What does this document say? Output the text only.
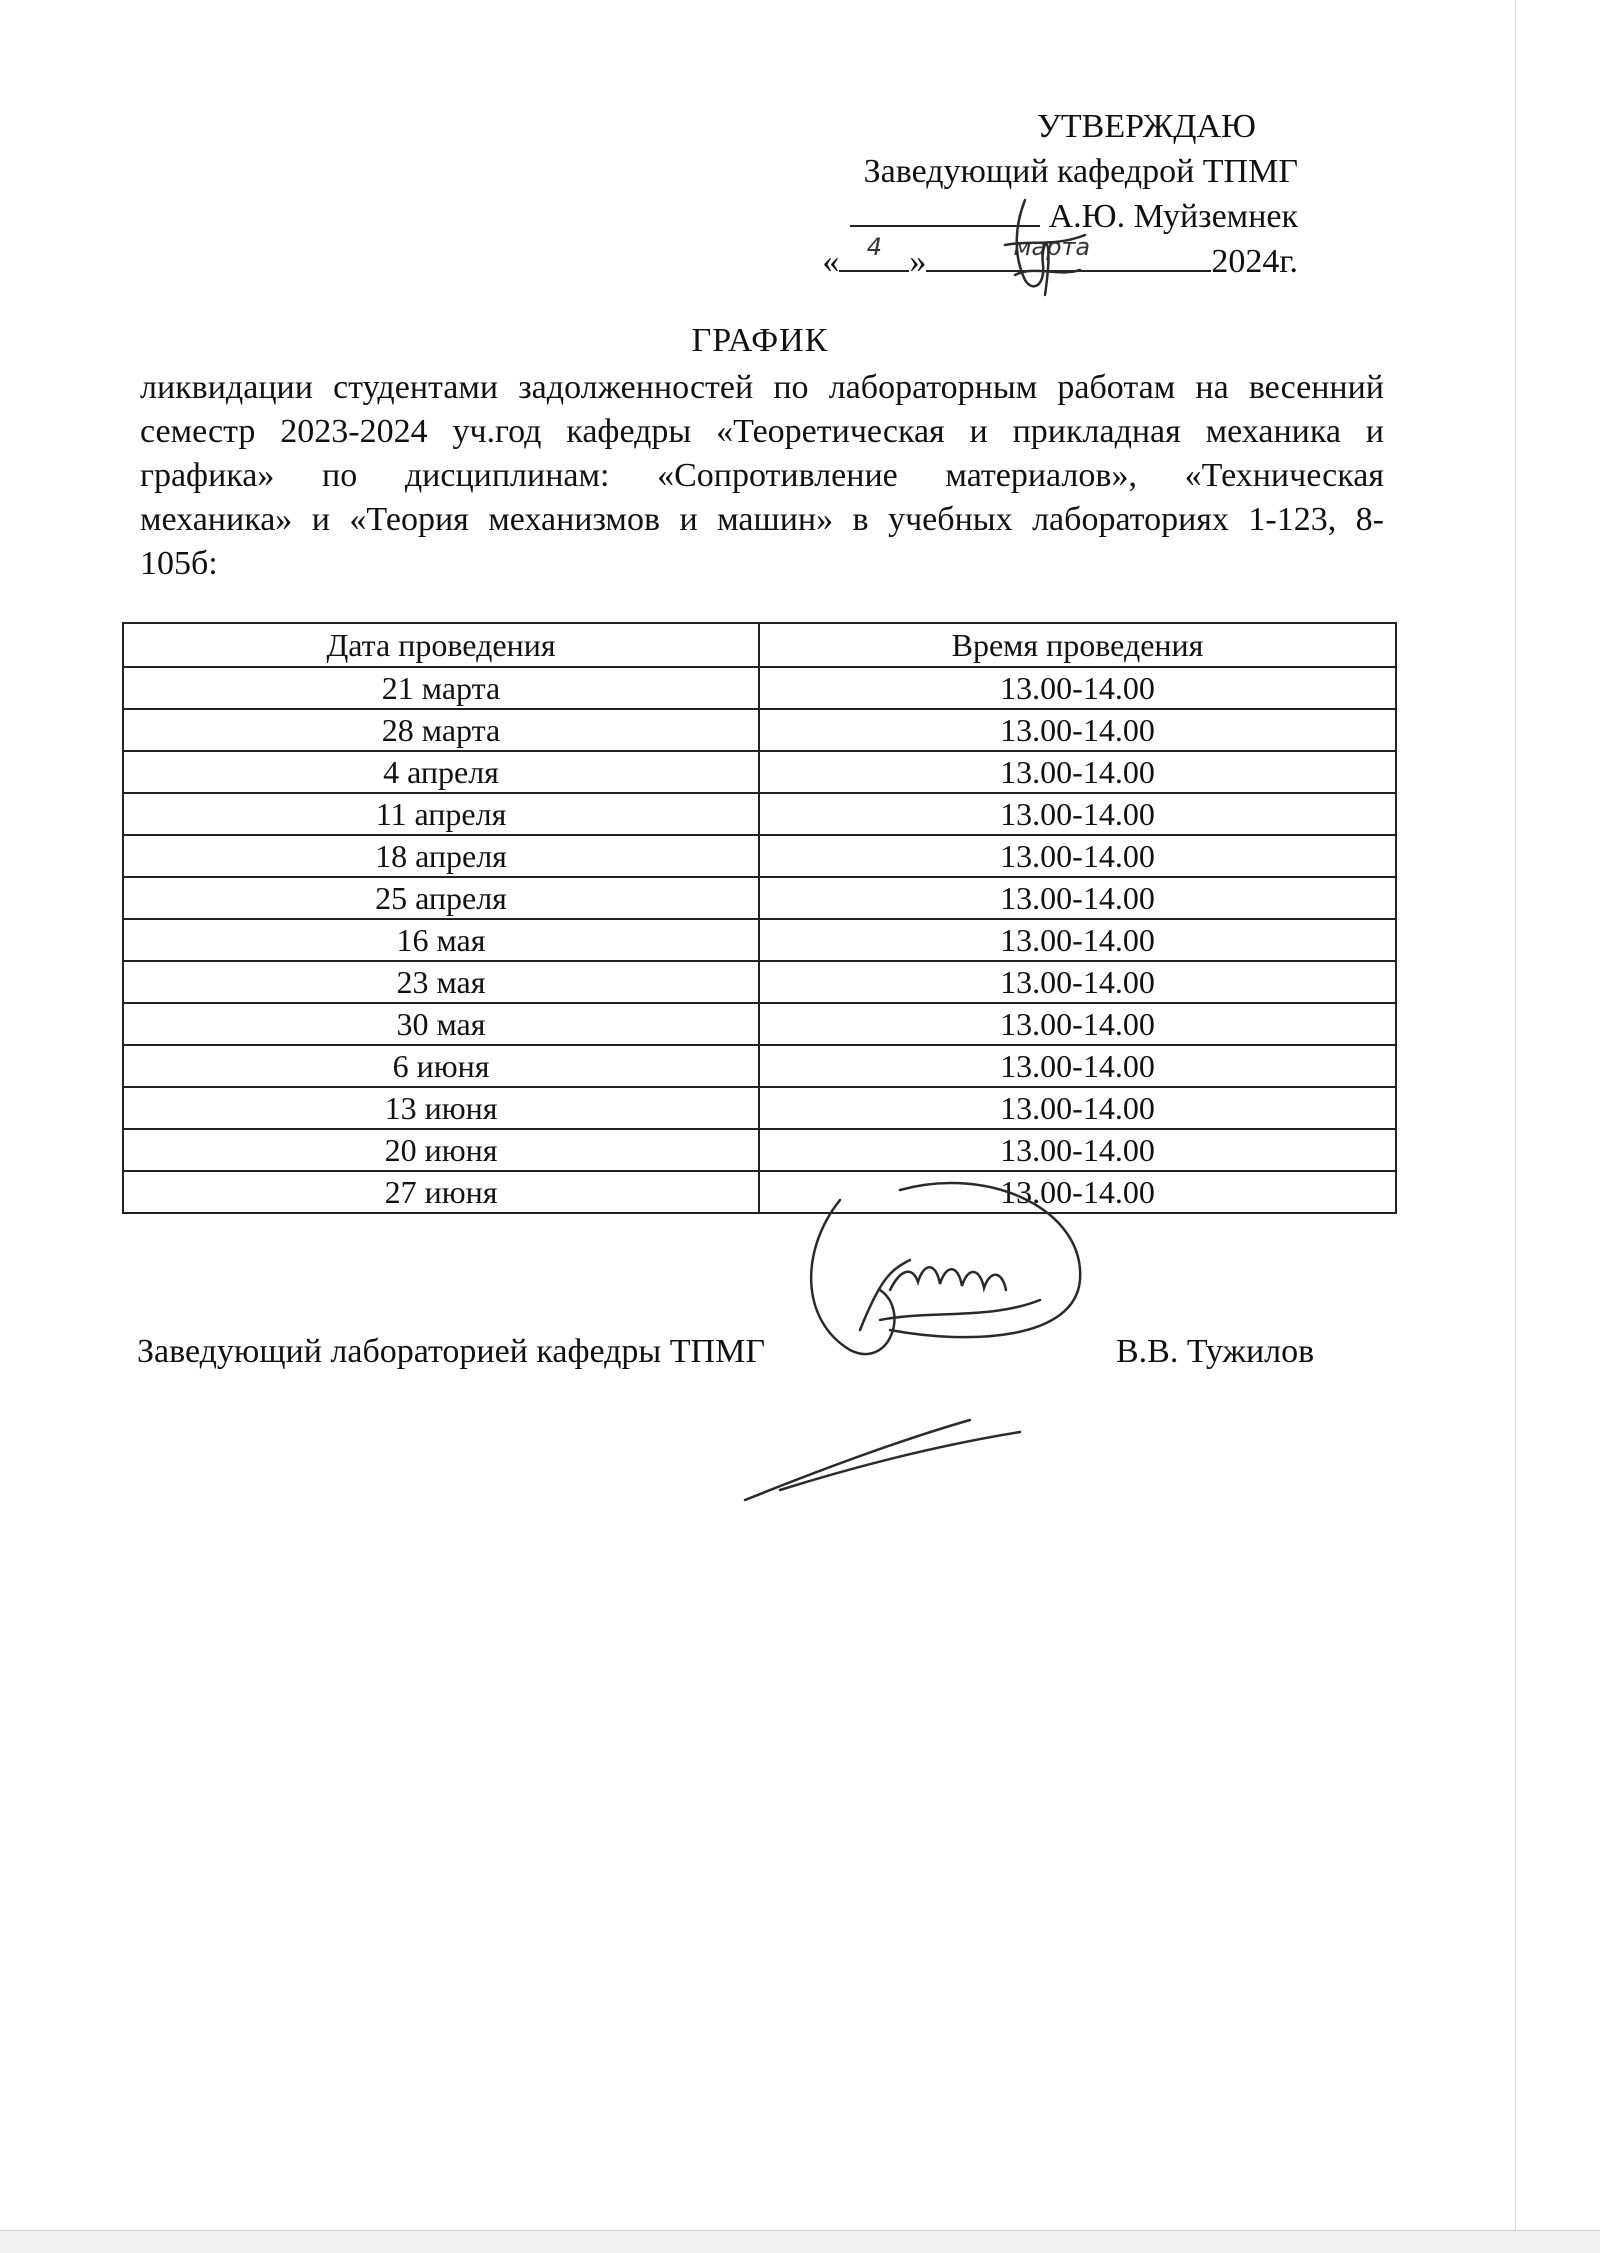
УТВЕРЖДАЮ
Заведующий кафедрой ТПМГ
А.Ю. Муйземнек
« 4 »	марта	2024г.
ГРАФИК
ликвидации студентами задолженностей по лабораторным работам на весенний семестр 2023-2024 уч.год кафедры «Теоретическая и прикладная механика и графика» по дисциплинам: «Сопротивление материалов», «Техническая механика» и «Теория механизмов и машин» в учебных лабораториях 1-123, 8-105б:
Дата проведения	Время проведения
21 марта	13.00-14.00
28 марта	13.00-14.00
4 апреля	13.00-14.00
11 апреля	13.00-14.00
18 апреля	13.00-14.00
25 апреля	13.00-14.00
16 мая	13.00-14.00
23 мая	13.00-14.00
30 мая	13.00-14.00
6 июня	13.00-14.00
13 июня	13.00-14.00
20 июня	13.00-14.00
27 июня	13.00-14.00
Заведующий лабораторией кафедры ТПМГ	В.В. Тужилов
